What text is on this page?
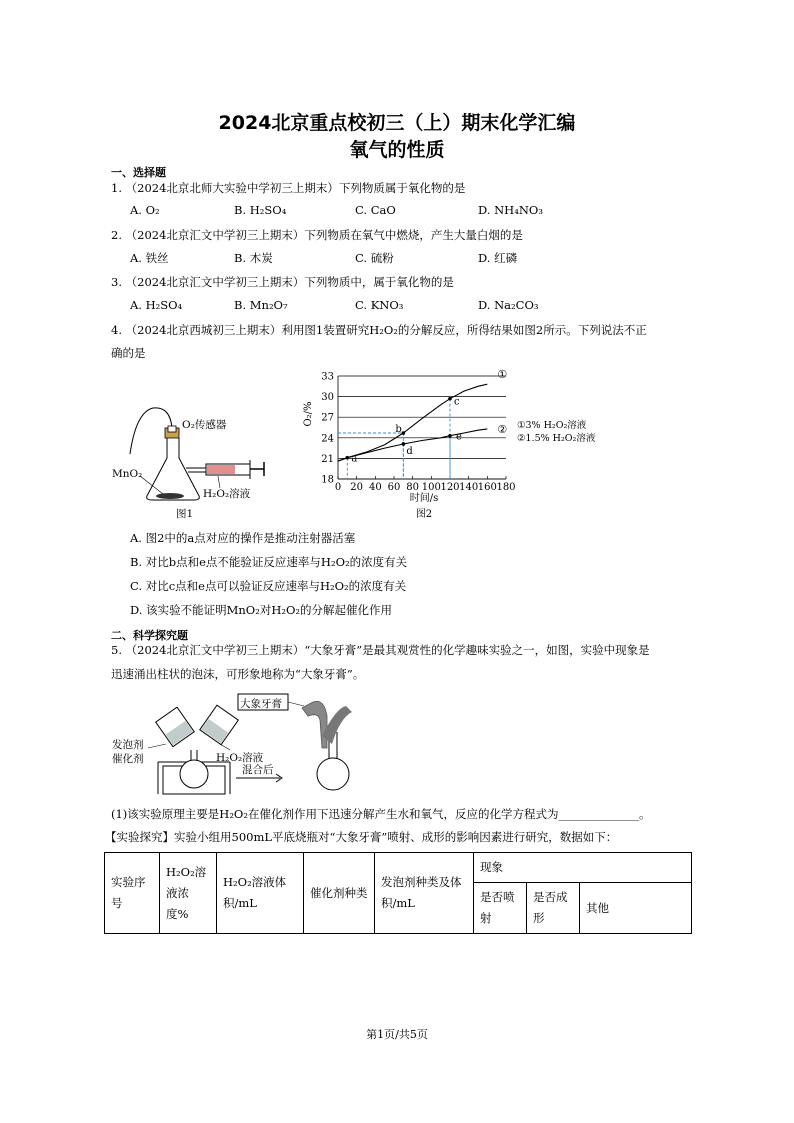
2024北京重点校初三（上）期末化学汇编
氧气的性质
一、选择题
1. （2024北京北师大实验中学初三上期末）下列物质属于氧化物的是
A. O₂	B. H₂SO₄	C. CaO	D. NH₄NO₃
2. （2024北京汇文中学初三上期末）下列物质在氧气中燃烧，产生大量白烟的是
A. 铁丝	B. 木炭	C. 硫粉	D. 红磷
3. （2024北京汇文中学初三上期末）下列物质中，属于氧化物的是
A. H₂SO₄	B. Mn₂O₇	C. KNO₃	D. Na₂CO₃
4. （2024北京西城初三上期末）利用图1装置研究H₂O₂的分解反应，所得结果如图2所示。下列说法不正
确的是
O₂传感器
MnO₂
H₂O₂溶液
图1
18
21
24
27
30
33
0 20 40 60 80 100 120 140 160 180
①
②
a
b
d
c
e
O₂/%
时间/s
图2
①3% H₂O₂溶液
②1.5% H₂O₂溶液
A. 图2中的a点对应的操作是推动注射器活塞
B. 对比b点和e点不能验证反应速率与H₂O₂的浓度有关
C. 对比c点和e点可以验证反应速率与H₂O₂的浓度有关
D. 该实验不能证明MnO₂对H₂O₂的分解起催化作用
二、科学探究题
5. （2024北京汇文中学初三上期末）“大象牙膏”是最其观赏性的化学趣味实验之一，如图，实验中现象是
迅速涌出柱状的泡沫，可形象地称为“大象牙膏”。
大象牙膏
发泡剂
催化剂	H₂O₂溶液
混合后
(1)该实验原理主要是H₂O₂在催化剂作用下迅速分解产生水和氧气，反应的化学方程式为______________。
【实验探究】实验小组用500mL平底烧瓶对“大象牙膏”喷射、成形的影响因素进行研究，数据如下：
实验序号	H₂O₂溶液浓度%	H₂O₂溶液体积/mL	催化剂种类	发泡剂种类及体积/mL	现象		
					是否喷射	是否成形	其他
第1页/共5页
